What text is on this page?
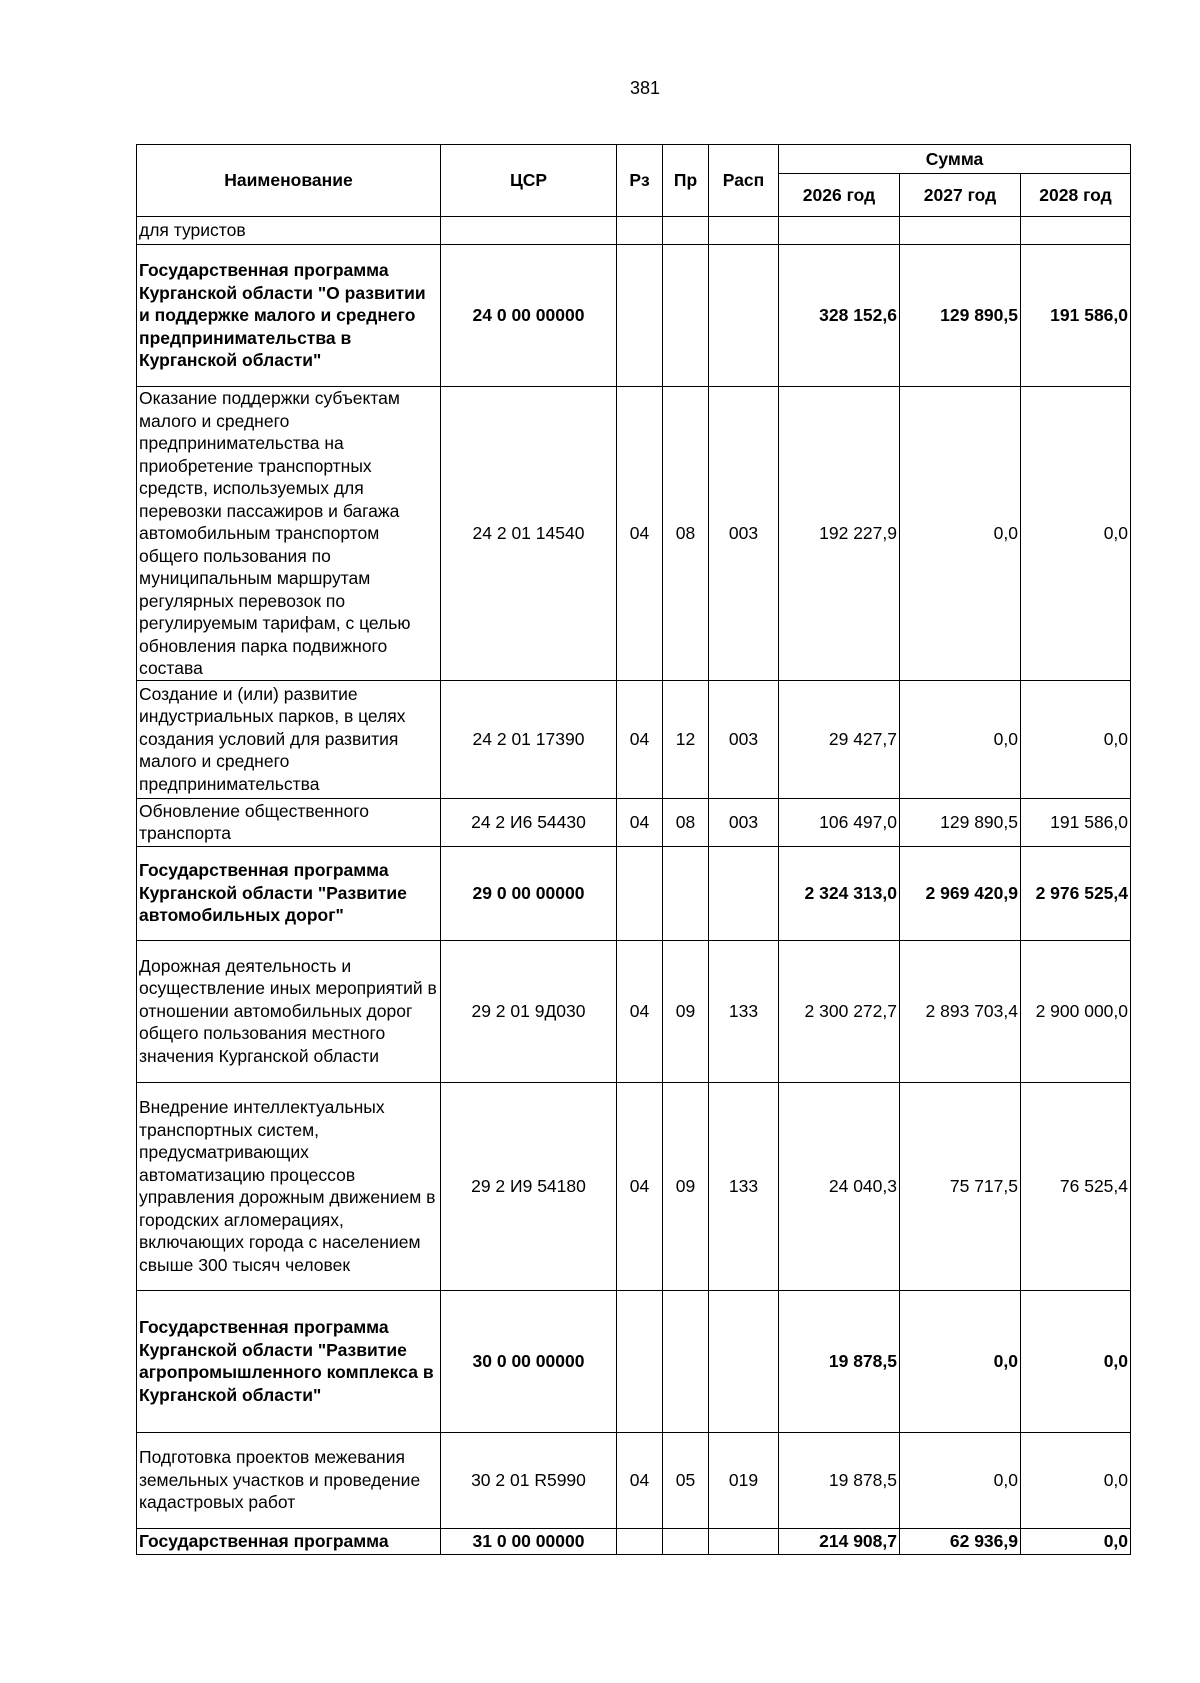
381
Наименование	ЦСР	Рз	Пр	Расп	Сумма		
					2026 год	2027 год	2028 год
для туристов							
Государственная программа Курганской области "О развитии и поддержке малого и среднего предпринимательства в Курганской области"	24 0 00 00000				328 152,6	129 890,5	191 586,0
Оказание поддержки субъектам малого и среднего предпринимательства на приобретение транспортных средств, используемых для перевозки пассажиров и багажа автомобильным транспортом общего пользования по муниципальным маршрутам регулярных перевозок по регулируемым тарифам, с целью обновления парка подвижного состава	24 2 01 14540	04	08	003	192 227,9	0,0	0,0
Создание и (или) развитие индустриальных парков, в целях создания условий для развития малого и среднего предпринимательства	24 2 01 17390	04	12	003	29 427,7	0,0	0,0
Обновление общественного транспорта	24 2 И6 54430	04	08	003	106 497,0	129 890,5	191 586,0
Государственная программа Курганской области "Развитие автомобильных дорог"	29 0 00 00000				2 324 313,0	2 969 420,9	2 976 525,4
Дорожная деятельность и осуществление иных мероприятий в отношении автомобильных дорог общего пользования местного значения Курганской области	29 2 01 9Д030	04	09	133	2 300 272,7	2 893 703,4	2 900 000,0
Внедрение интеллектуальных транспортных систем, предусматривающих автоматизацию процессов управления дорожным движением в городских агломерациях, включающих города с населением свыше 300 тысяч человек	29 2 И9 54180	04	09	133	24 040,3	75 717,5	76 525,4
Государственная программа Курганской области "Развитие агропромышленного комплекса в Курганской области"	30 0 00 00000				19 878,5	0,0	0,0
Подготовка проектов межевания земельных участков и проведение кадастровых работ	30 2 01 R5990	04	05	019	19 878,5	0,0	0,0
Государственная программа	31 0 00 00000				214 908,7	62 936,9	0,0
